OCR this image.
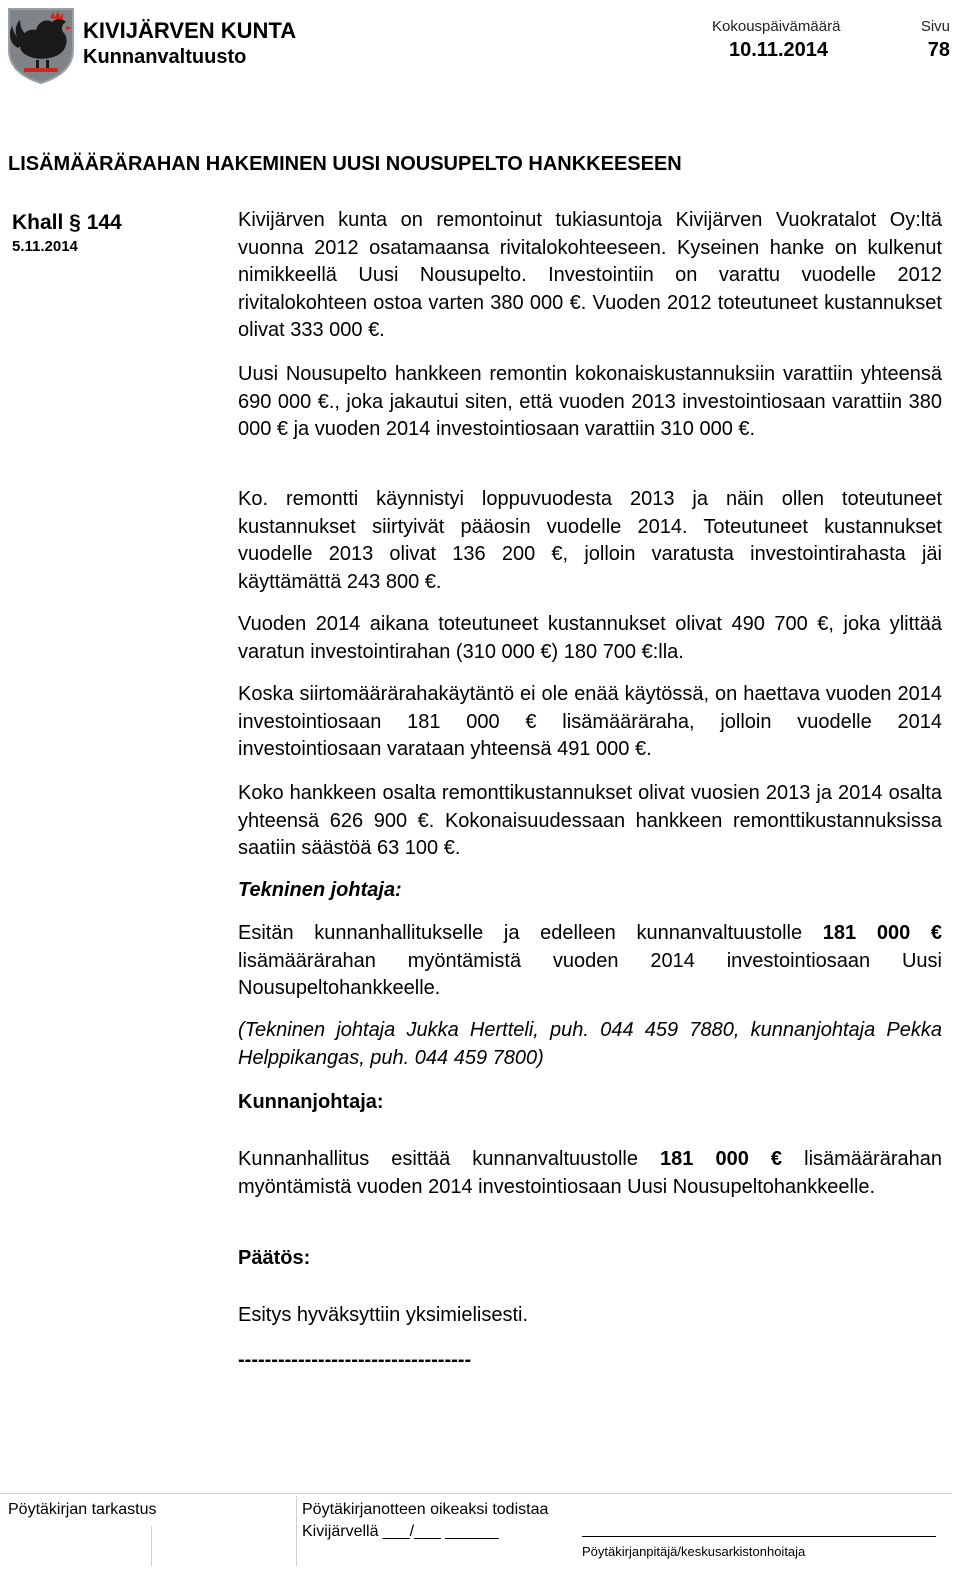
KIVIJÄRVEN KUNTA
Kunnanvaltuusto
Kokouspäivämäärä
10.11.2014
Sivu
78
LISÄMÄÄRÄRAHAN HAKEMINEN UUSI NOUSUPELTO HANKKEESEEN
Khall § 144
5.11.2014

Kivijärven kunta on remontoinut tukiasuntoja Kivijärven Vuokratalot Oy:ltä vuonna 2012 osatamaansa rivitalokohteeseen. Kyseinen hanke on kulkenut nimikkeellä Uusi Nousupelto. Investointiin on varattu vuodelle 2012 rivitalokohteen ostoa varten 380 000 €. Vuoden 2012 toteutuneet kustannukset olivat 333 000 €.

Uusi Nousupelto hankkeen remontin kokonaiskustannuksiin varattiin yhteensä 690 000 €., joka jakautui siten, että vuoden 2013 investointiosaan varattiin 380 000 € ja vuoden 2014 investointiosaan varattiin 310 000 €.

Ko. remontti käynnistyi loppuvuodesta 2013 ja näin ollen toteutuneet kustannukset siirtyivät pääosin vuodelle 2014. Toteutuneet kustannukset vuodelle 2013 olivat 136 200 €, jolloin varatusta investointirahasta jäi käyttämättä 243 800 €.

Vuoden 2014 aikana toteutuneet kustannukset olivat 490 700 €, joka ylittää varatun investointirahan (310 000 €) 180 700 €:lla.

Koska siirtomäärärahakäytäntö ei ole enää käytössä, on haettava vuoden 2014 investointiosaan 181 000 € lisämääräraha, jolloin vuodelle 2014 investointiosaan varataan yhteensä 491 000 €.

Koko hankkeen osalta remonttikustannukset olivat vuosien 2013 ja 2014 osalta yhteensä 626 900 €. Kokonaisuudessaan hankkeen remonttikustannuksissa saatiin säästöä 63 100 €.

Tekninen johtaja:

Esitän kunnanhallitukselle ja edelleen kunnanvaltuustolle 181 000 € lisämäärärahan myöntämistä vuoden 2014 investointiosaan Uusi Nousupeltohankkeelle.

(Tekninen johtaja Jukka Hertteli, puh. 044 459 7880, kunnanjohtaja Pekka Helppikangas, puh. 044 459 7800)

Kunnanjohtaja:

Kunnanhallitus esittää kunnanvaltuustolle 181 000 € lisämäärärahan myöntämistä vuoden 2014 investointiosaan Uusi Nousupeltohankkeelle.

Päätös:
Esitys hyväksyttiin yksimielisesti.
-----------------------------------
Pöytäkirjan tarkastus	Pöytäkirjanotteen oikeaksi todistaa
Kivijärvellä ___/___ ______
Pöytäkirjanpitäjä/keskusarkistonhoitaja
